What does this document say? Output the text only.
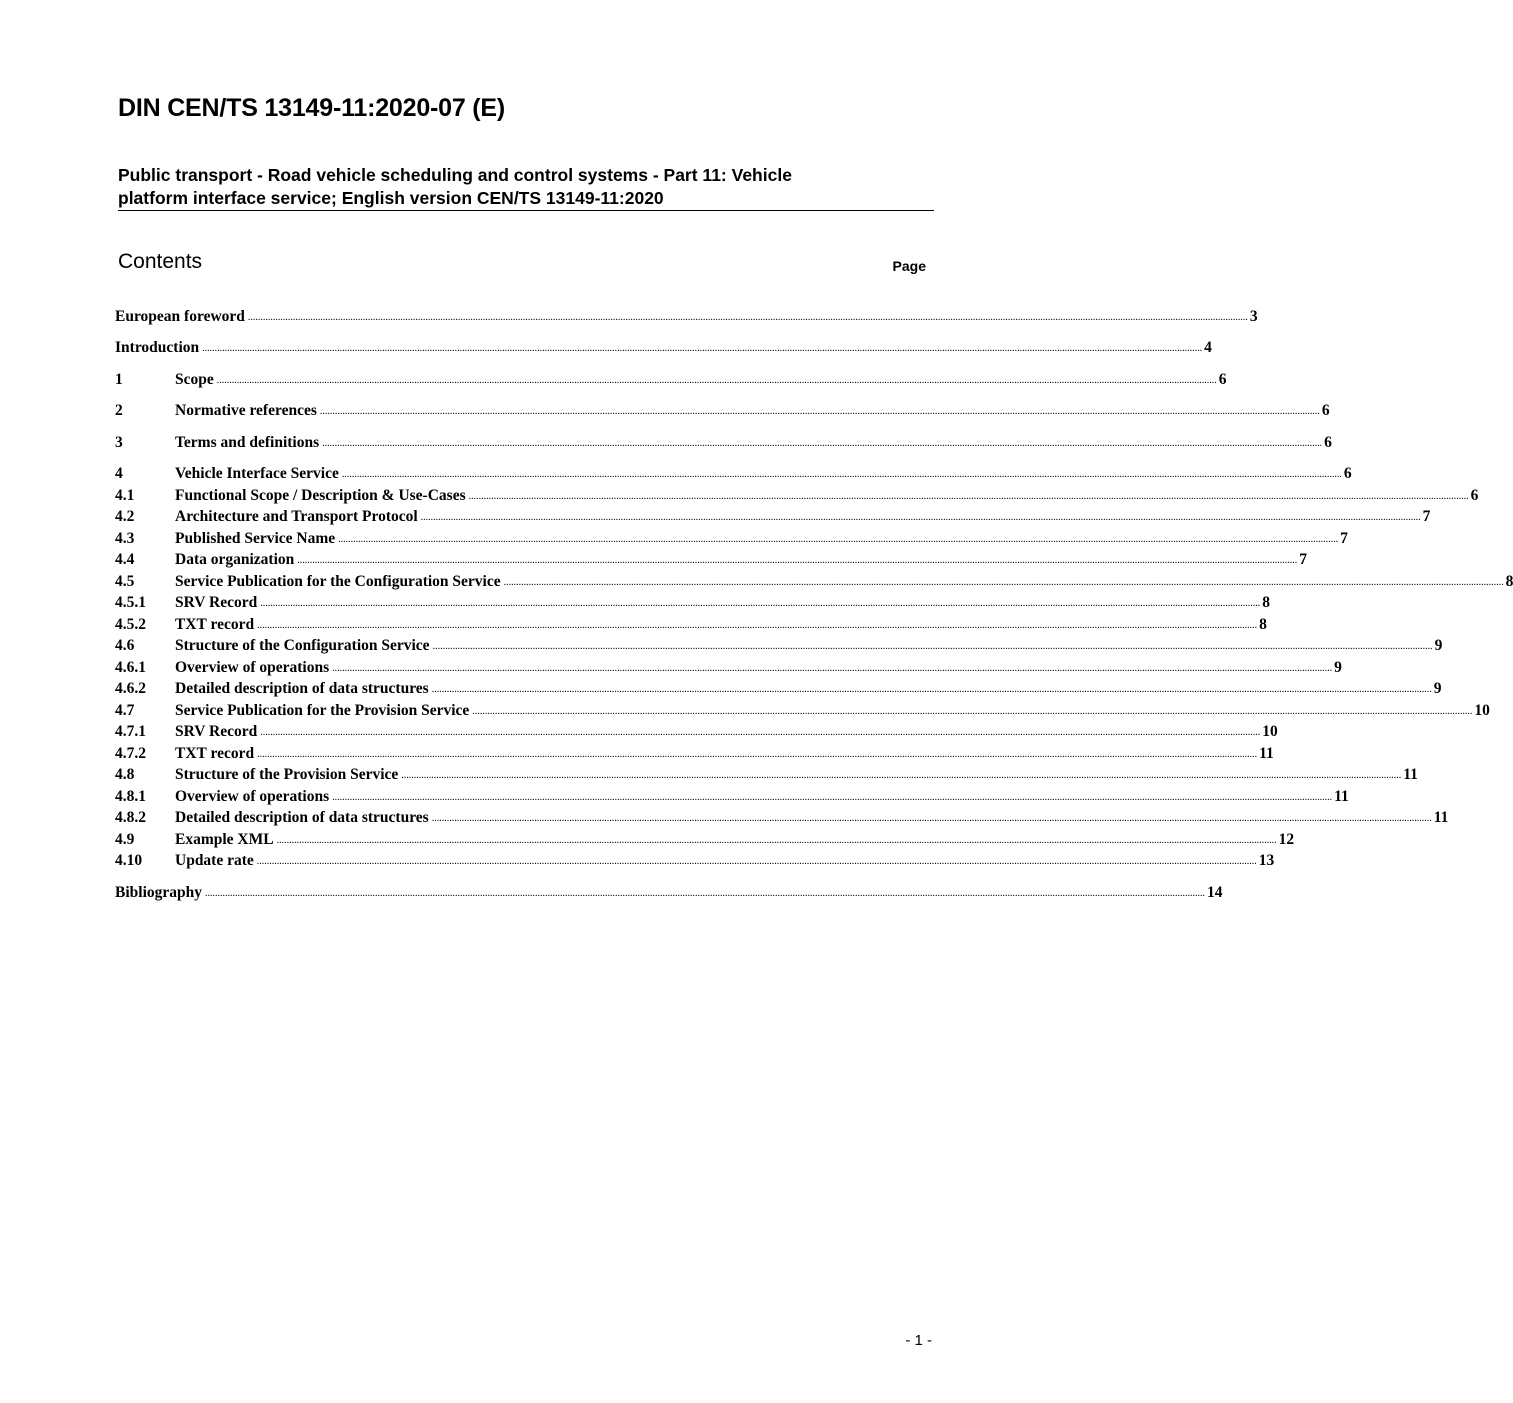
DIN CEN/TS 13149-11:2020-07 (E)
Public transport - Road vehicle scheduling and control systems - Part 11: Vehicle
platform interface service; English version CEN/TS 13149-11:2020
Contents	Page
European foreword ................................................................................................................................................................................................................................................................................................................................................................................................................ 3
Introduction ................................................................................................................................................................................................................................................................................................................................................................................................................ 4
1	Scope ................................................................................................................................................................................................................................................................................................................................................................................................................ 6
2	Normative references ................................................................................................................................................................................................................................................................................................................................................................................................................ 6
3	Terms and definitions ................................................................................................................................................................................................................................................................................................................................................................................................................ 6
4	Vehicle Interface Service ................................................................................................................................................................................................................................................................................................................................................................................................................ 6
4.1	Functional Scope / Description & Use-Cases ................................................................................................................................................................................................................................................................................................................................................................................................................ 6
4.2	Architecture and Transport Protocol ................................................................................................................................................................................................................................................................................................................................................................................................................ 7
4.3	Published Service Name ................................................................................................................................................................................................................................................................................................................................................................................................................ 7
4.4	Data organization ................................................................................................................................................................................................................................................................................................................................................................................................................ 7
4.5	Service Publication for the Configuration Service ................................................................................................................................................................................................................................................................................................................................................................................................................ 8
4.5.1	SRV Record ................................................................................................................................................................................................................................................................................................................................................................................................................ 8
4.5.2	TXT record ................................................................................................................................................................................................................................................................................................................................................................................................................ 8
4.6	Structure of the Configuration Service ................................................................................................................................................................................................................................................................................................................................................................................................................ 9
4.6.1	Overview of operations ................................................................................................................................................................................................................................................................................................................................................................................................................ 9
4.6.2	Detailed description of data structures ................................................................................................................................................................................................................................................................................................................................................................................................................ 9
4.7	Service Publication for the Provision Service ................................................................................................................................................................................................................................................................................................................................................................................................................ 10
4.7.1	SRV Record ................................................................................................................................................................................................................................................................................................................................................................................................................ 10
4.7.2	TXT record ................................................................................................................................................................................................................................................................................................................................................................................................................ 11
4.8	Structure of the Provision Service ................................................................................................................................................................................................................................................................................................................................................................................................................ 11
4.8.1	Overview of operations ................................................................................................................................................................................................................................................................................................................................................................................................................ 11
4.8.2	Detailed description of data structures ................................................................................................................................................................................................................................................................................................................................................................................................................ 11
4.9	Example XML ................................................................................................................................................................................................................................................................................................................................................................................................................ 12
4.10	Update rate ................................................................................................................................................................................................................................................................................................................................................................................................................ 13
Bibliography ................................................................................................................................................................................................................................................................................................................................................................................................................ 14
- 1 -
